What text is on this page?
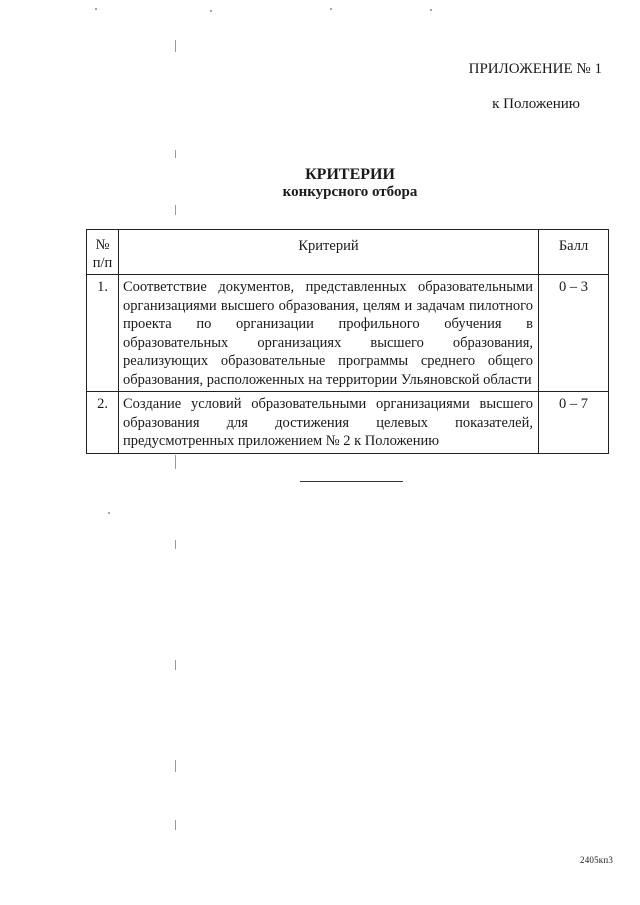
ПРИЛОЖЕНИЕ № 1
к Положению
КРИТЕРИИ
конкурсного отбора
№
п/п	Критерий	Балл
1.	Соответствие документов, представленных образовательными организациями высшего образования, целям и задачам пилотного проекта по организации профильного обучения в образовательных организациях высшего образования, реализующих образовательные программы среднего общего образования, расположенных на территории Ульяновской области	0 – 3
2.	Создание условий образовательными организациями высшего образования для достижения целевых показателей, предусмотренных приложением № 2 к Положению	0 – 7
2405кп3
